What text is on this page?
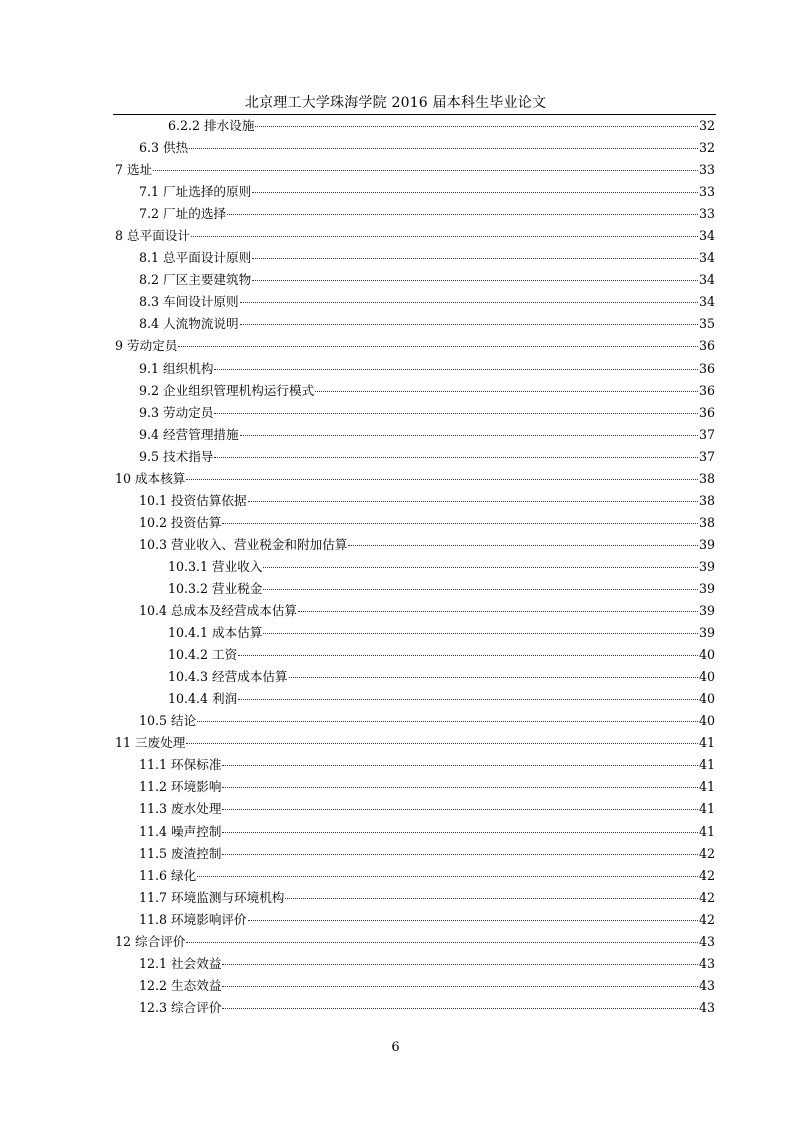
北京理工大学珠海学院 2016 届本科生毕业论文
6.2.2 排水设施	32
6.3 供热	32
7 选址	33
7.1 厂址选择的原则	33
7.2 厂址的选择	33
8 总平面设计	34
8.1 总平面设计原则	34
8.2 厂区主要建筑物	34
8.3 车间设计原则	34
8.4 人流物流说明	35
9 劳动定员	36
9.1 组织机构	36
9.2 企业组织管理机构运行模式	36
9.3 劳动定员	36
9.4 经营管理措施	37
9.5 技术指导	37
10 成本核算	38
10.1 投资估算依据	38
10.2 投资估算	38
10.3 营业收入、营业税金和附加估算	39
10.3.1 营业收入	39
10.3.2 营业税金	39
10.4 总成本及经营成本估算	39
10.4.1 成本估算	39
10.4.2 工资	40
10.4.3 经营成本估算	40
10.4.4 利润	40
10.5 结论	40
11 三废处理	41
11.1 环保标准	41
11.2 环境影响	41
11.3 废水处理	41
11.4 噪声控制	41
11.5 废渣控制	42
11.6 绿化	42
11.7 环境监测与环境机构	42
11.8 环境影响评价	42
12 综合评价	43
12.1 社会效益	43
12.2 生态效益	43
12.3 综合评价	43
6
